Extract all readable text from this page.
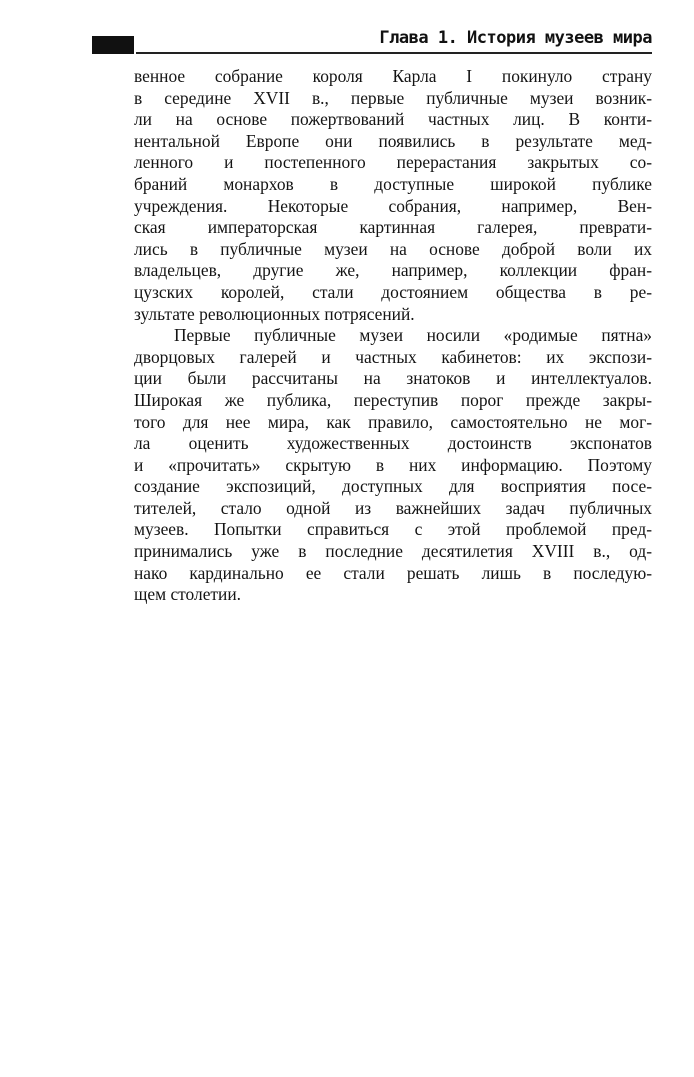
Глава 1. История музеев мира
венное собрание короля Карла I покинуло страну
в середине XVII в., первые публичные музеи возник-
ли на основе пожертвований частных лиц. В конти-
нентальной Европе они появились в результате мед-
ленного и постепенного перерастания закрытых со-
браний монархов в доступные широкой публике
учреждения. Некоторые собрания, например, Вен-
ская императорская картинная галерея, преврати-
лись в публичные музеи на основе доброй воли их
владельцев, другие же, например, коллекции фран-
цузских королей, стали достоянием общества в ре-
зультате революционных потрясений.
Первые публичные музеи носили «родимые пятна»
дворцовых галерей и частных кабинетов: их экспози-
ции были рассчитаны на знатоков и интеллектуалов.
Широкая же публика, переступив порог прежде закры-
того для нее мира, как правило, самостоятельно не мог-
ла оценить художественных достоинств экспонатов
и «прочитать» скрытую в них информацию. Поэтому
создание экспозиций, доступных для восприятия посе-
тителей, стало одной из важнейших задач публичных
музеев. Попытки справиться с этой проблемой пред-
принимались уже в последние десятилетия XVIII в., од-
нако кардинально ее стали решать лишь в последую-
щем столетии.
